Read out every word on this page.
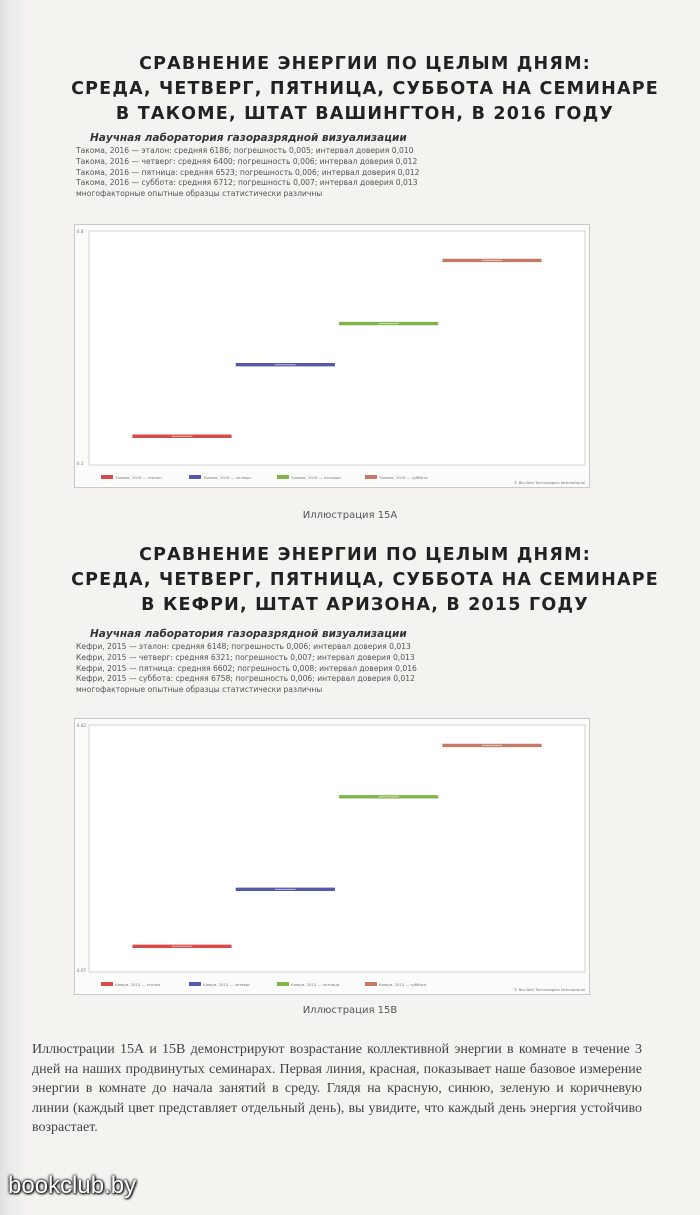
СРАВНЕНИЕ ЭНЕРГИИ ПО ЦЕЛЫМ ДНЯМ:
СРЕДА, ЧЕТВЕРГ, ПЯТНИЦА, СУББОТА НА СЕМИНАРЕ
В ТАКОМЕ, ШТАТ ВАШИНГТОН, В 2016 ГОДУ
Научная лаборатория газоразрядной визуализации
Такома, 2016 — эталон: средняя 6186; погрешность 0,005; интервал доверия 0,010
Такома, 2016 — четверг: средняя 6400; погрешность 0,006; интервал доверия 0,012
Такома, 2016 — пятница: средняя 6523; погрешность 0,006; интервал доверия 0,012
Такома, 2016 — суббота: средняя 6712; погрешность 0,007; интервал доверия 0,013
многофакторные опытные образцы статистически различны
6.8
6.1
Такома, 2016 — эталон	Такома, 2016 — четверг	Такома, 2016 — пятница	Такома, 2016 — суббота
© Bio-Well Technologies International
Иллюстрация 15А
СРАВНЕНИЕ ЭНЕРГИИ ПО ЦЕЛЫМ ДНЯМ:
СРЕДА, ЧЕТВЕРГ, ПЯТНИЦА, СУББОТА НА СЕМИНАРЕ
В КЕФРИ, ШТАТ АРИЗОНА, В 2015 ГОДУ
Научная лаборатория газоразрядной визуализации
Кефри, 2015 — эталон: средняя 6148; погрешность 0,006; интервал доверия 0,013
Кефри, 2015 — четверг: средняя 6321; погрешность 0,007; интервал доверия 0,013
Кефри, 2015 — пятница: средняя 6602; погрешность 0,008; интервал доверия 0,016
Кефри, 2015 — суббота: средняя 6758; погрешность 0,006; интервал доверия 0,012
многофакторные опытные образцы статистически различны
6.82
6.07
Кефри, 2015 — эталон	Кефри, 2015 — четверг	Кефри, 2015 — пятница	Кефри, 2015 — суббота
© Bio-Well Technologies International
Иллюстрация 15В
Иллюстрации 15А и 15В демонстрируют возрастание коллективной энергии в комнате в течение 3 дней на наших продвинутых семинарах. Первая линия, красная, показывает наше базовое измерение энергии в комнате до начала занятий в среду. Глядя на красную, синюю, зеленую и коричневую линии (каждый цвет представляет отдельный день), вы увидите, что каждый день энергия устойчиво возрастает.
bookclub.by
